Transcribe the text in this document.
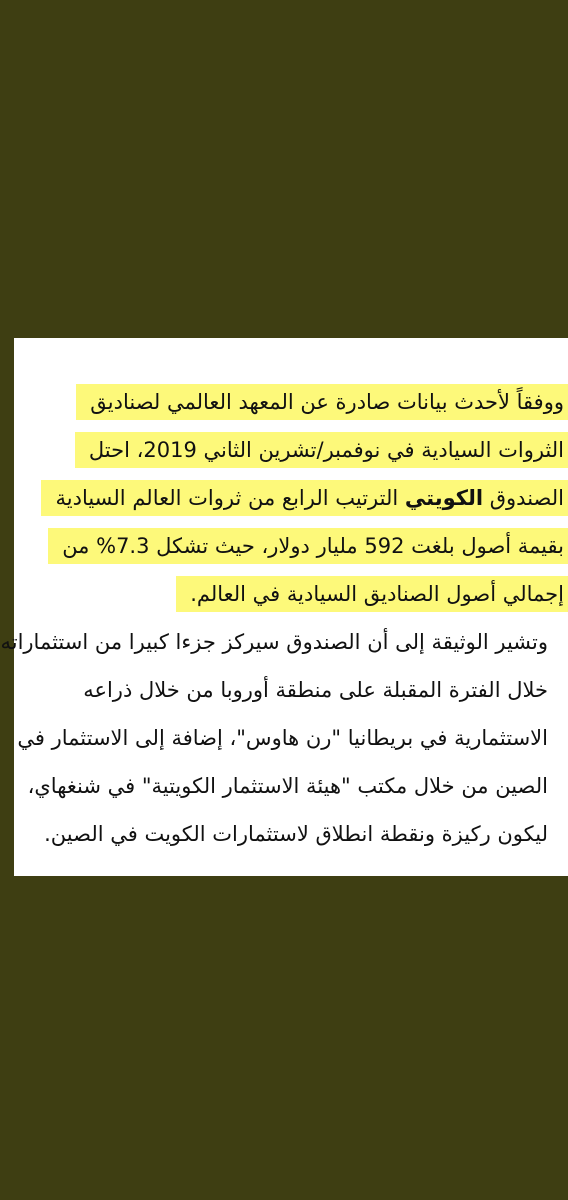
ووفقاً لأحدث بيانات صادرة عن المعهد العالمي لصناديق
الثروات السيادية في نوفمبر/تشرين الثاني 2019، احتل
الصندوق الكويتي الترتيب الرابع من ثروات العالم السيادية
بقيمة أصول بلغت 592 مليار دولار، حيث تشكل 7.3% من
إجمالي أصول الصناديق السيادية في العالم.

وتشير الوثيقة إلى أن الصندوق سيركز جزءا كبيرا من استثماراته
خلال الفترة المقبلة على منطقة أوروبا من خلال ذراعه
الاستثمارية في بريطانيا "رن هاوس"، إضافة إلى الاستثمار في
الصين من خلال مكتب "هيئة الاستثمار الكويتية" في شنغهاي،
ليكون ركيزة ونقطة انطلاق لاستثمارات الكويت في الصين.
